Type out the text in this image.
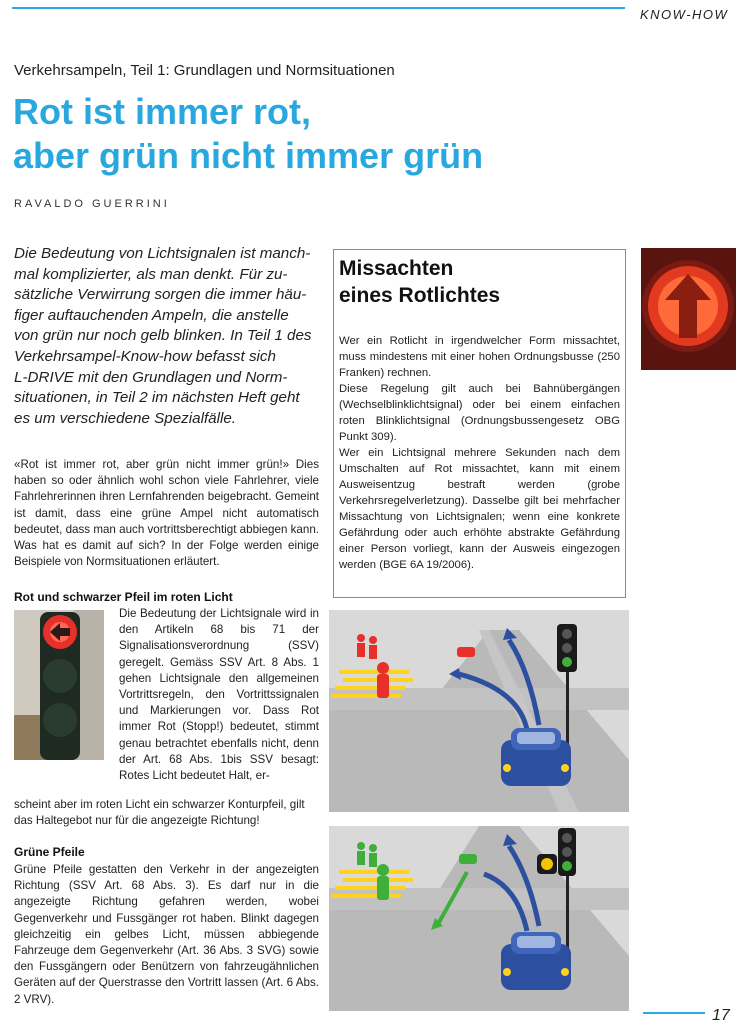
KNOW-HOW
Verkehrsampeln, Teil 1: Grundlagen und Normsituationen
Rot ist immer rot,
aber grün nicht immer grün
RAVALDO GUERRINI
Die Bedeutung von Lichtsignalen ist manch-
mal komplizierter, als man denkt. Für zu-
sätzliche Verwirrung sorgen die immer häu-
figer auftauchenden Ampeln, die anstelle
von grün nur noch gelb blinken. In Teil 1 des
Verkehrsampel-Know-how befasst sich
L-DRIVE mit den Grundlagen und Norm-
situationen, in Teil 2 im nächsten Heft geht
es um verschiedene Spezialfälle.
«Rot ist immer rot, aber grün nicht immer grün!» Dies haben so oder ähnlich wohl schon viele Fahrlehrer, viele Fahrlehrerinnen ihren Lernfahrenden beigebracht. Gemeint ist damit, dass eine grüne Ampel nicht automatisch bedeutet, dass man auch vortrittsberechtigt abbiegen kann. Was hat es damit auf sich? In der Folge werden einige Beispiele von Normsituationen erläutert.
Rot und schwarzer Pfeil im roten Licht
Die Bedeutung der Lichtsignale wird in den Artikeln 68 bis 71 der Signalisationsverordnung (SSV) geregelt. Gemäss SSV Art. 8 Abs. 1 gehen Lichtsignale den allgemeinen Vortrittsregeln, den Vortrittssignalen und Markierungen vor. Dass Rot immer Rot (Stopp!) bedeutet, stimmt genau betrachtet ebenfalls nicht, denn der Art. 68 Abs. 1bis SSV besagt: Rotes Licht bedeutet Halt, er-
scheint aber im roten Licht ein schwarzer Konturpfeil, gilt das Haltegebot nur für die angezeigte Richtung!
Grüne Pfeile
Grüne Pfeile gestatten den Verkehr in der angezeigten Richtung (SSV Art. 68 Abs. 3). Es darf nur in die angezeigte Richtung gefahren werden, wobei Gegenverkehr und Fussgänger rot haben. Blinkt dagegen gleichzeitig ein gelbes Licht, müssen abbiegende Fahrzeuge dem Gegenverkehr (Art. 36 Abs. 3 SVG) sowie den Fussgängern oder Benützern von fahrzeugähnlichen Geräten auf der Querstrasse den Vortritt lassen (Art. 6 Abs. 2 VRV).
Missachten
eines Rotlichtes
Wer ein Rotlicht in irgendwelcher Form missachtet, muss mindestens mit einer hohen Ordnungsbusse (250 Franken) rechnen.
Diese Regelung gilt auch bei Bahnübergängen (Wechselblinklichtsignal) oder bei einem einfachen roten Blinklichtsignal (Ordnungsbussengesetz OBG Punkt 309).
Wer ein Lichtsignal mehrere Sekunden nach dem Umschalten auf Rot missachtet, kann mit einem Ausweisentzug bestraft werden (grobe Verkehrsregelverletzung). Dasselbe gilt bei mehrfacher Missachtung von Lichtsignalen; wenn eine konkrete Gefährdung oder auch erhöhte abstrakte Gefährdung einer Person vorliegt, kann der Ausweis eingezogen werden (BGE 6A 19/2006).
17
